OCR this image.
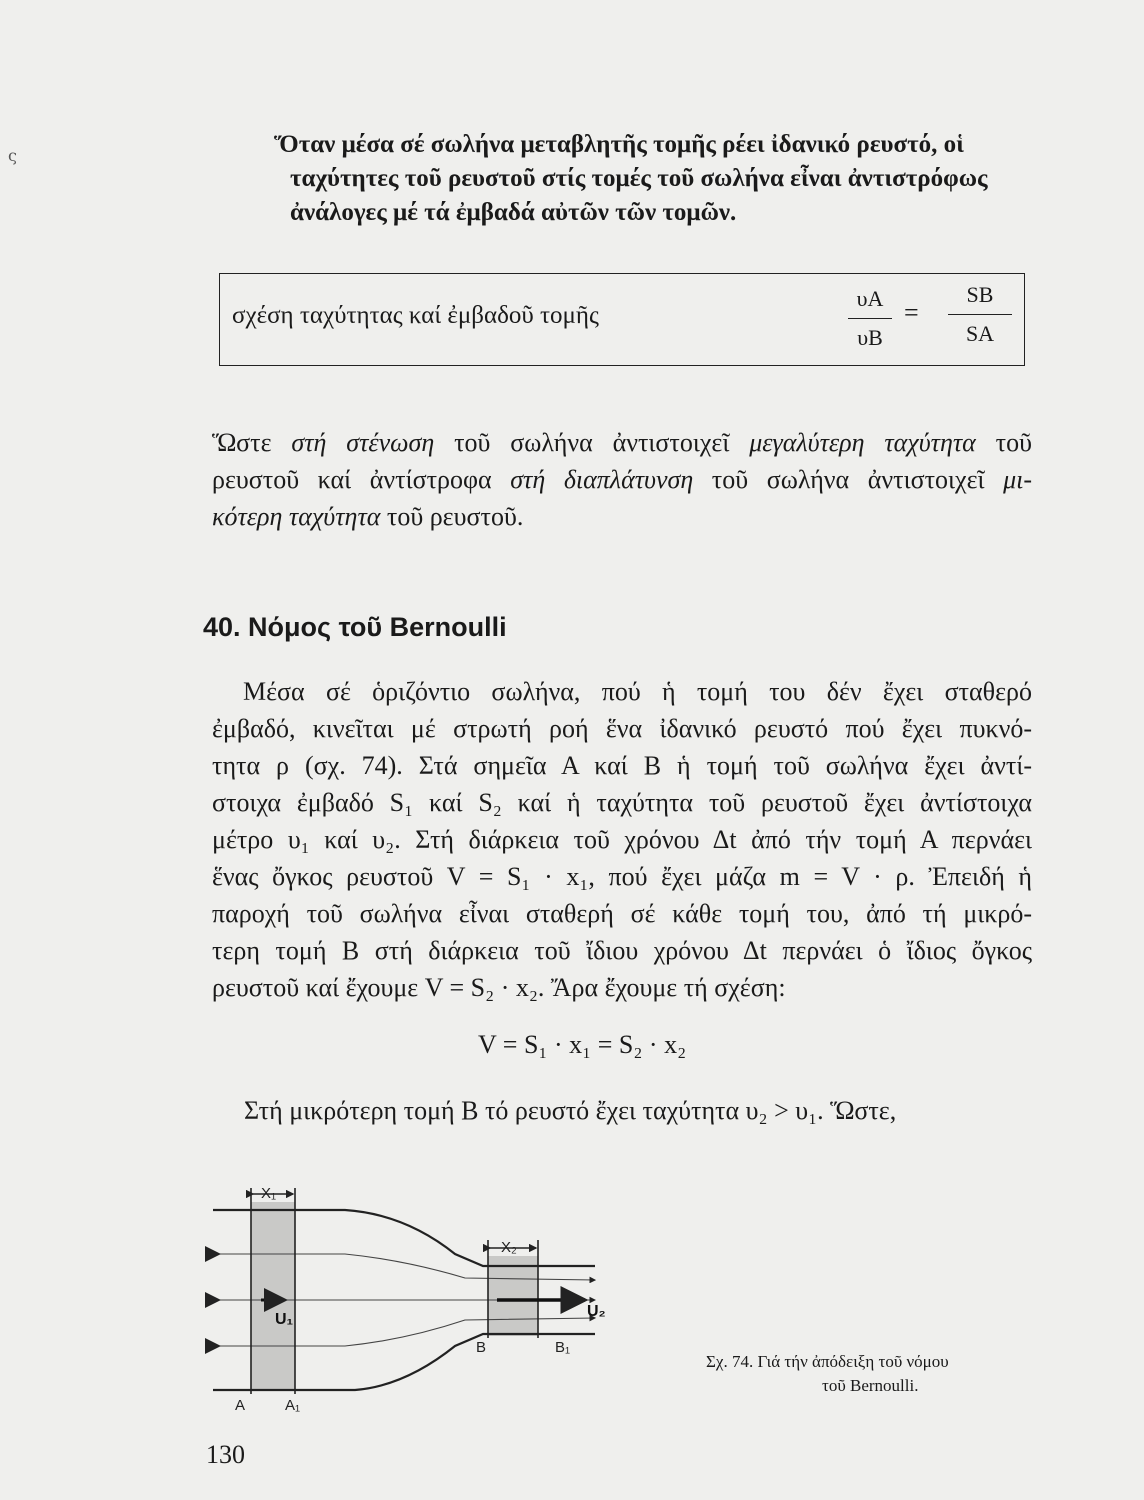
ς	Ὅταν μέσα σέ σωλήνα μεταβλητῆς τομῆς ρέει ἰδανικό ρευστό, οἱ
ταχύτητες τοῦ ρευστοῦ στίς τομές τοῦ σωλήνα εἶναι ἀντιστρόφως
ἀνάλογες μέ τά ἐμβαδά αὐτῶν τῶν τομῶν.
σχέση ταχύτητας καί ἐμβαδοῦ τομῆς
υA
υB
=
SB
SA
Ὥστε στή στένωση τοῦ σωλήνα ἀντιστοιχεῖ μεγαλύτερη ταχύτητα τοῦ
ρευστοῦ καί ἀντίστροφα στή διαπλάτυνση τοῦ σωλήνα ἀντιστοιχεῖ μι-
κότερη ταχύτητα τοῦ ρευστοῦ.
40. Νόμος τοῦ Bernoulli
Μέσα σέ ὁριζόντιο σωλήνα, πού ἡ τομή του δέν ἔχει σταθερό
ἐμβαδό, κινεῖται μέ στρωτή ροή ἕνα ἰδανικό ρευστό πού ἔχει πυκνό-
τητα ρ (σχ. 74). Στά σημεῖα Α καί Β ἡ τομή τοῦ σωλήνα ἔχει ἀντί-
στοιχα ἐμβαδό S₁ καί S₂ καί ἡ ταχύτητα τοῦ ρευστοῦ ἔχει ἀντίστοιχα
μέτρο υ₁ καί υ₂. Στή διάρκεια τοῦ χρόνου Δt ἀπό τήν τομή Α περνάει
ἕνας ὄγκος ρευστοῦ V = S₁ · x₁, πού ἔχει μάζα m = V · ρ. Ἐπειδή ἡ
παροχή τοῦ σωλήνα εἶναι σταθερή σέ κάθε τομή του, ἀπό τή μικρό-
τερη τομή Β στή διάρκεια τοῦ ἴδιου χρόνου Δt περνάει ὁ ἴδιος ὄγκος
ρευστοῦ καί ἔχουμε V = S₂ · x₂. Ἄρα ἔχουμε τή σχέση:
V = S₁ · x₁ = S₂ · x₂
Στή μικρότερη τομή Β τό ρευστό ἔχει ταχύτητα υ₂ > υ₁. Ὥστε,
X₁
X₂
U₁	U₂
A	A₁
B	B₁
Σχ. 74. Γιά τήν ἀπόδειξη τοῦ νόμου
τοῦ Bernoulli.
130
